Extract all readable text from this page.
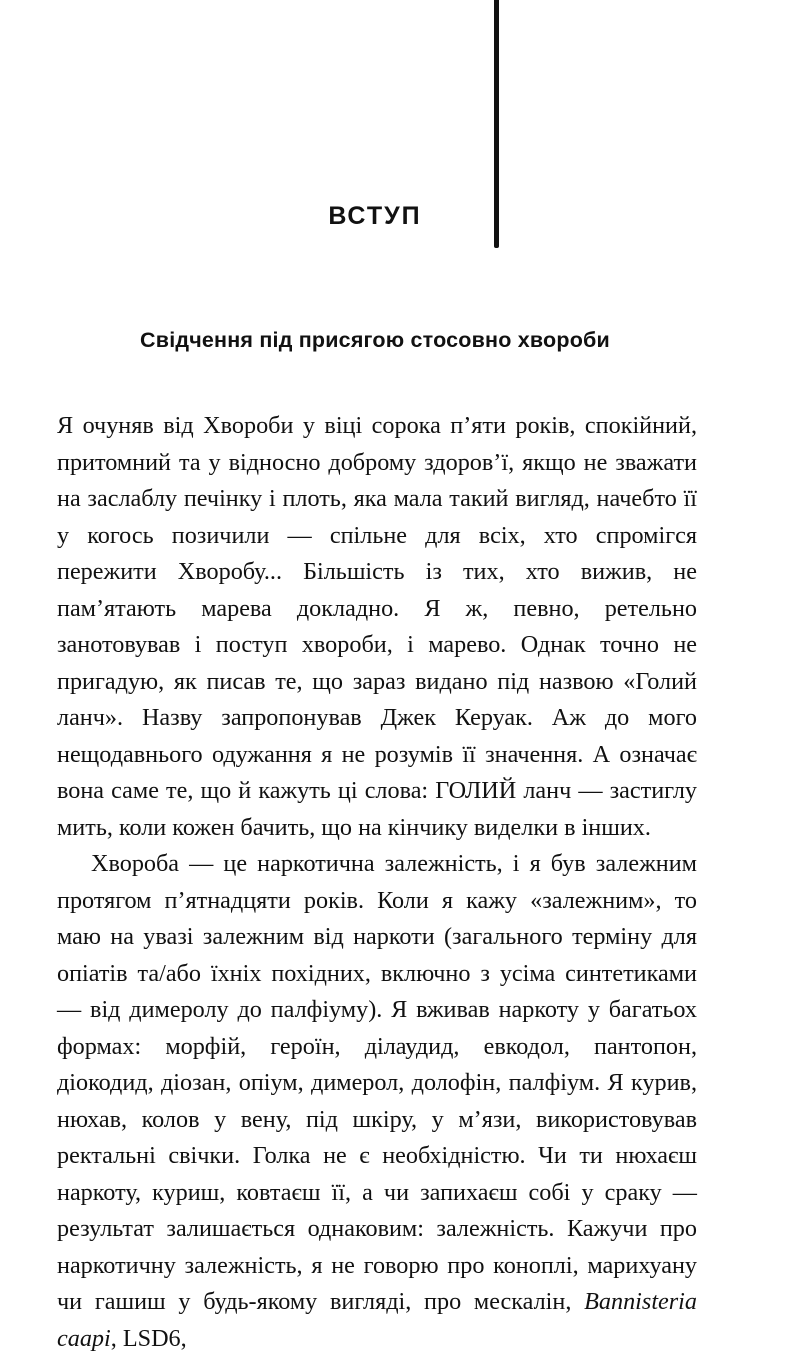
ВСТУП
Свідчення під присягою стосовно хвороби

Я очуняв від Хвороби у віці сорока п’яти років, спокійний, притомний та у відносно доброму здоров’ї, якщо не зважати на заслаблу печінку і плоть, яка мала такий вигляд, начебто її у когось позичили — спільне для всіх, хто спромігся пережити Хворобу... Більшість із тих, хто вижив, не пам’ятають марева докладно. Я ж, певно, ретельно занотовував і поступ хвороби, і марево. Однак точно не пригадую, як писав те, що зараз видано під назвою «Голий ланч». Назву запропонував Джек Керуак. Аж до мого нещодавнього одужання я не розумів її значення. А означає вона саме те, що й кажуть ці слова: ГОЛИЙ ланч — застиглу мить, коли кожен бачить, що на кінчику виделки в інших.

Хвороба — це наркотична залежність, і я був залежним протягом п’ятнадцяти років. Коли я кажу «залежним», то маю на увазі залежним від наркоти (загального терміну для опіатів та/або їхніх похідних, включно з усіма синтетиками — від димеролу до палфіуму). Я вживав наркоту у багатьох формах: морфій, героїн, ділаудид, евкодол, пантопон, діокодид, діозан, опіум, димерол, долофін, палфіум. Я курив, нюхав, колов у вену, під шкіру, у м’язи, використовував ректальні свічки. Голка не є необхідністю. Чи ти нюхаєш наркоту, куриш, ковтаєш її, а чи запихаєш собі у сраку — результат залишається однаковим: залежність. Кажучи про наркотичну залежність, я не говорю про коноплі, марихуану чи гашиш у будь-якому вигляді, про мескалін, Bannisteria caapi, LSD6,
